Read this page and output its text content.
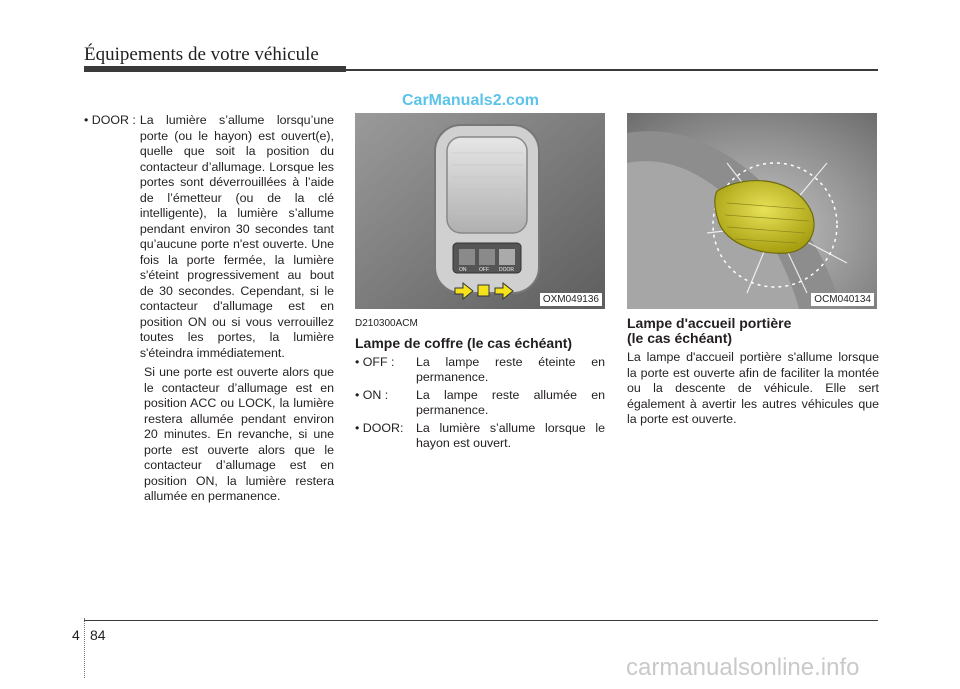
Équipements de votre véhicule
CarManuals2.com
• DOOR : La lumière s’allume lorsqu’une porte (ou le hayon) est ouvert(e), quelle que soit la position du contacteur d’allumage. Lorsque les portes sont déverrouillées à l’aide de l’émetteur (ou de la clé intelligente), la lumière s’allume pendant environ 30 secondes tant qu’aucune porte n'est ouverte. Une fois la porte fermée, la lumière s'éteint progressivement au bout de 30 secondes. Cependant, si le contacteur d'allumage est en position ON ou si vous verrouillez toutes les portes, la lumière s'éteindra immédiatement.
Si une porte est ouverte alors que le contacteur d’allumage est en position ACC ou LOCK, la lumière restera allumée pendant environ 20 minutes. En revanche, si une porte est ouverte alors que le contacteur d’allumage est en position ON, la lumière restera allumée en permanence.
ON	OFF DOOR
OXM049136	OCM040134
D210300ACM
Lampe de coffre (le cas échéant)
• OFF :	La lampe reste éteinte en permanence.
• ON :	La lampe reste allumée en permanence.
• DOOR:	La lumière s’allume lorsque le hayon est ouvert.
Lampe d'accueil portière
(le cas échéant)
La lampe d'accueil portière s'allume lorsque la porte est ouverte afin de faciliter la montée ou la descente de véhicule. Elle sert également à avertir les autres véhicules que la porte est ouverte.
4 84
carmanualsonline.info
